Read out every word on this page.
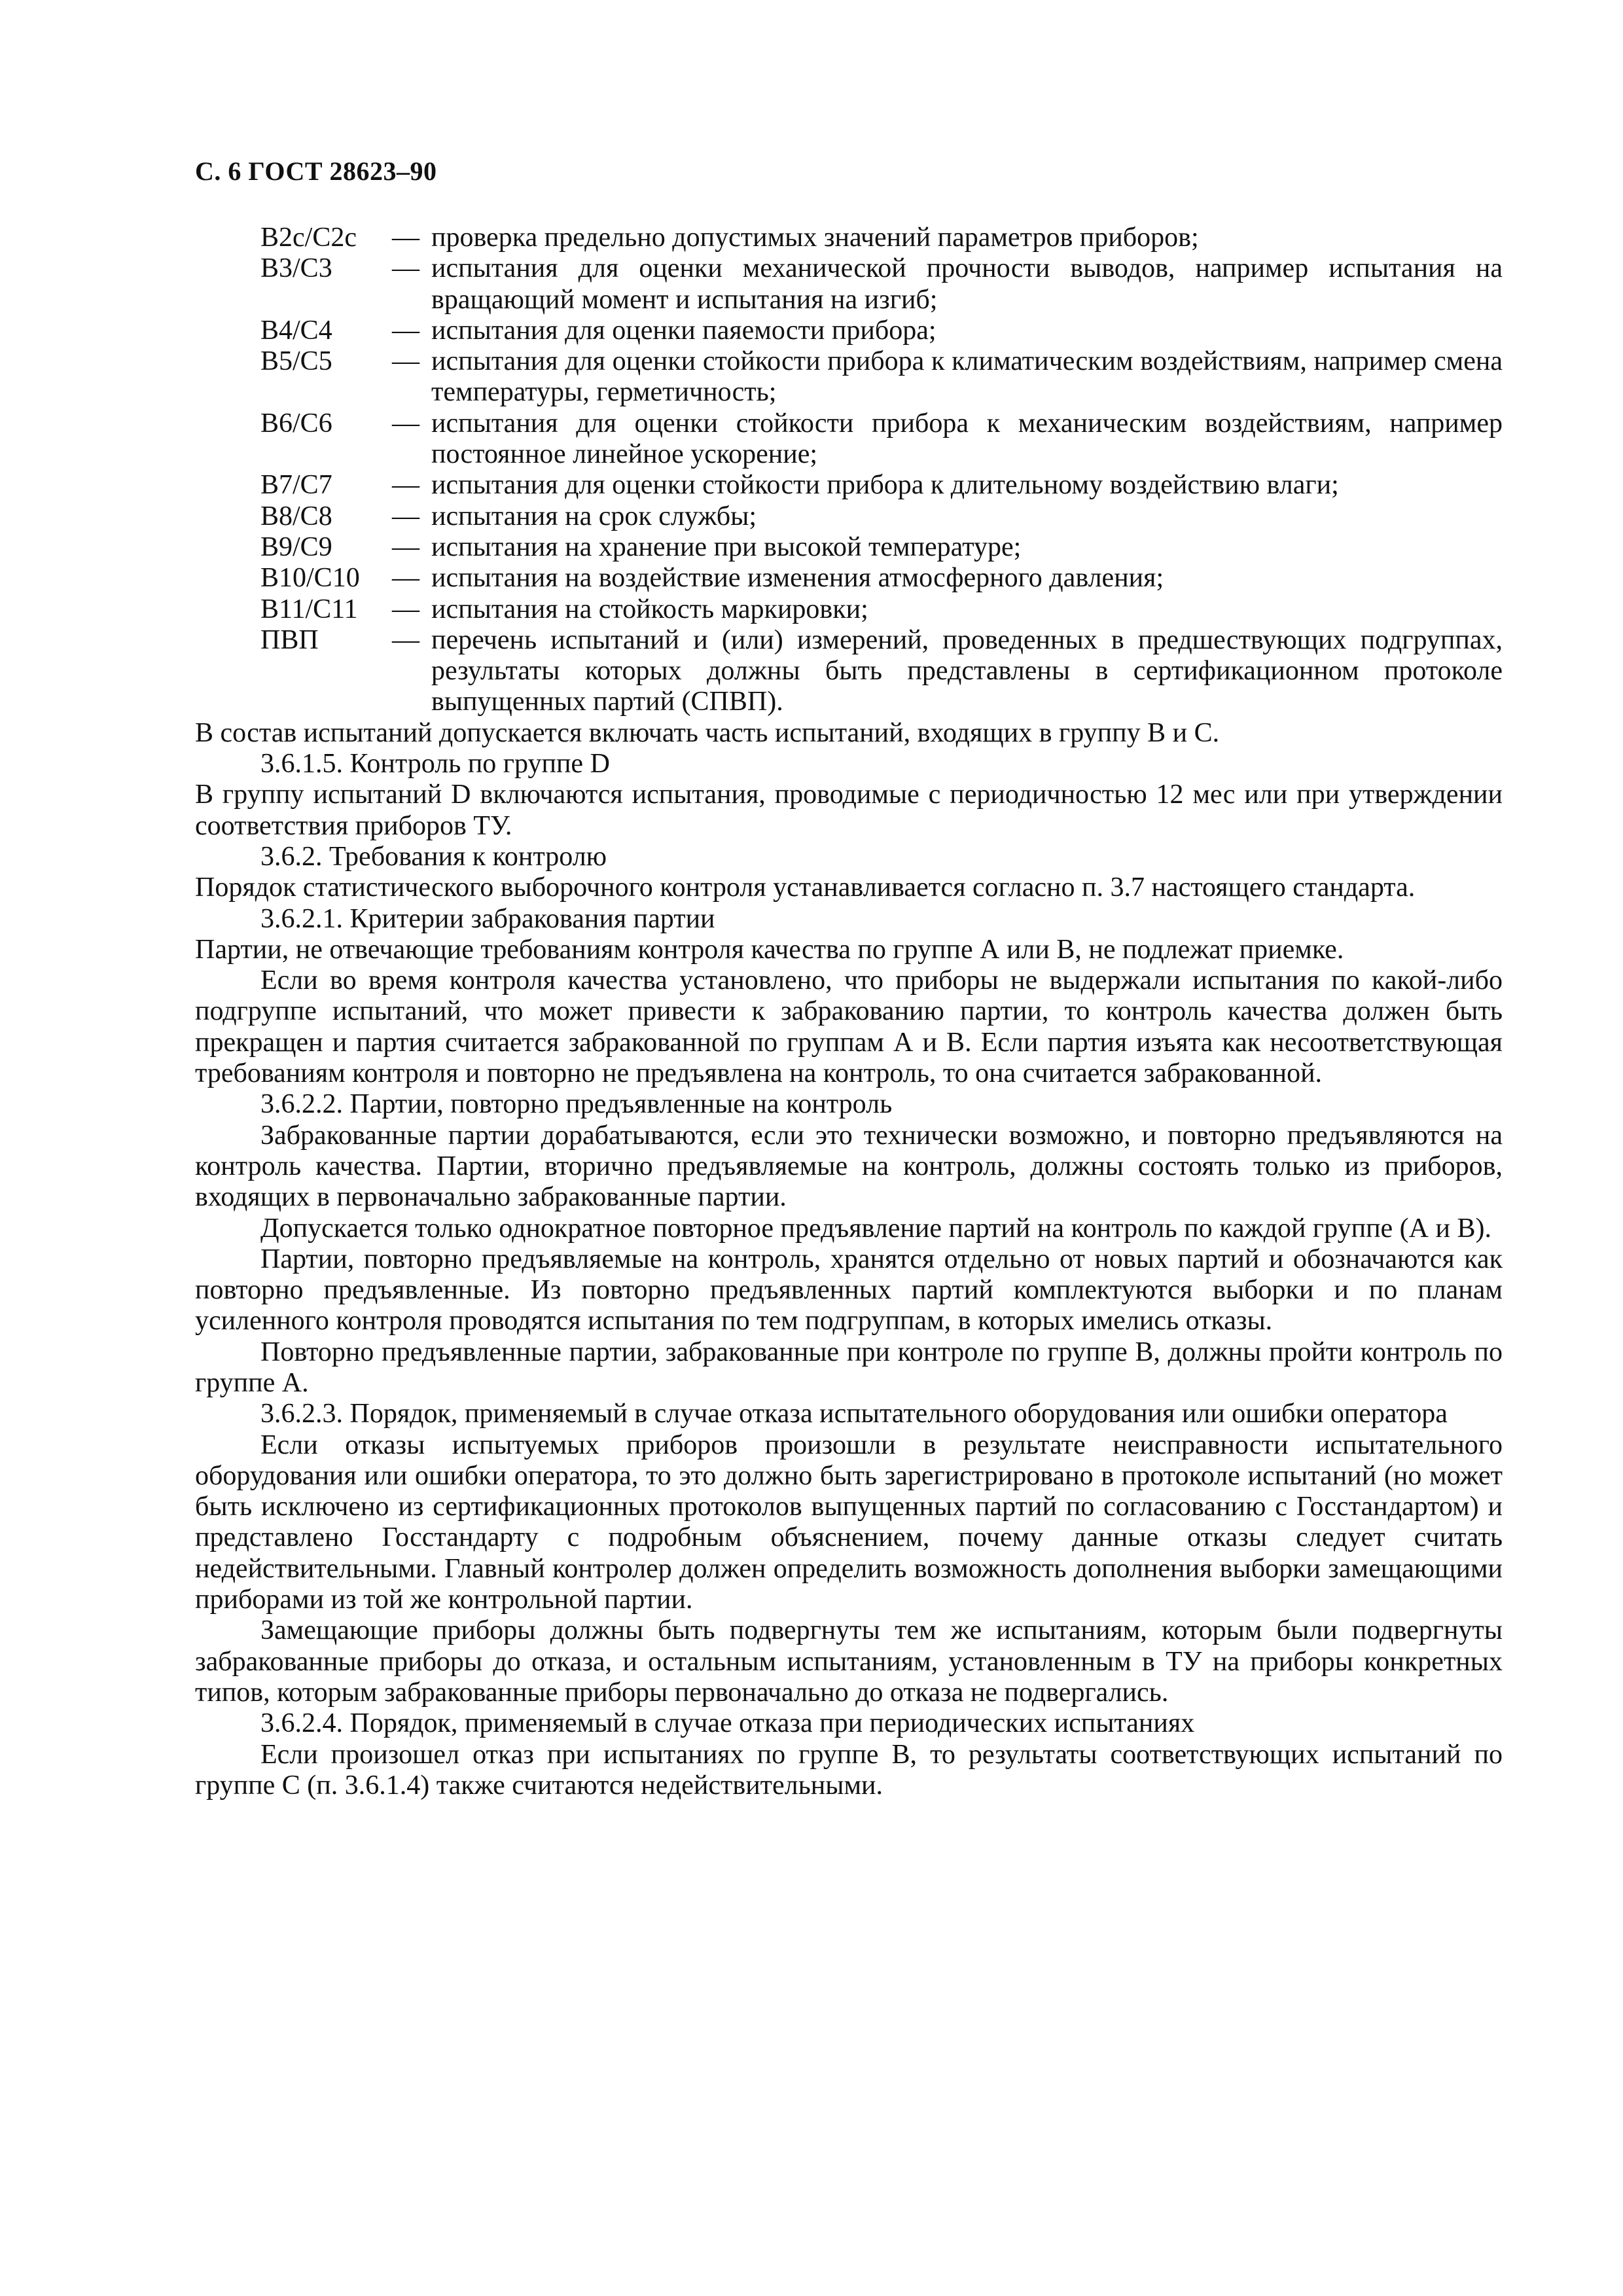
С. 6 ГОСТ 28623–90
B2c/C2c	— проверка предельно допустимых значений параметров приборов;
B3/C3	— испытания для оценки механической прочности выводов, например испытания на вращающий момент и испытания на изгиб;
B4/C4	— испытания для оценки паяемости прибора;
B5/C5	— испытания для оценки стойкости прибора к климатическим воздействиям, например смена температуры, герметичность;
B6/C6	— испытания для оценки стойкости прибора к механическим воздействиям, например постоянное линейное ускорение;
B7/C7	— испытания для оценки стойкости прибора к длительному воздействию влаги;
B8/C8	— испытания на срок службы;
B9/C9	— испытания на хранение при высокой температуре;
B10/C10	— испытания на воздействие изменения атмосферного давления;
B11/C11	— испытания на стойкость маркировки;
ПВП	— перечень испытаний и (или) измерений, проведенных в предшествующих подгруппах, результаты которых должны быть представлены в сертификационном протоколе выпущенных партий (СПВП).
В состав испытаний допускается включать часть испытаний, входящих в группу В и С.
3.6.1.5. Контроль по группе D
В группу испытаний D включаются испытания, проводимые с периодичностью 12 мес или при утверждении соответствия приборов ТУ.
3.6.2. Требования к контролю
Порядок статистического выборочного контроля устанавливается согласно п. 3.7 настоящего стандарта.
3.6.2.1. Критерии забракования партии
Партии, не отвечающие требованиям контроля качества по группе А или В, не подлежат приемке.
Если во время контроля качества установлено, что приборы не выдержали испытания по какой-либо подгруппе испытаний, что может привести к забракованию партии, то контроль качества должен быть прекращен и партия считается забракованной по группам А и В. Если партия изъята как несоответствующая требованиям контроля и повторно не предъявлена на контроль, то она считается забракованной.
3.6.2.2. Партии, повторно предъявленные на контроль
Забракованные партии дорабатываются, если это технически возможно, и повторно предъявляются на контроль качества. Партии, вторично предъявляемые на контроль, должны состоять только из приборов, входящих в первоначально забракованные партии.
Допускается только однократное повторное предъявление партий на контроль по каждой группе (А и В).
Партии, повторно предъявляемые на контроль, хранятся отдельно от новых партий и обозначаются как повторно предъявленные. Из повторно предъявленных партий комплектуются выборки и по планам усиленного контроля проводятся испытания по тем подгруппам, в которых имелись отказы.
Повторно предъявленные партии, забракованные при контроле по группе В, должны пройти контроль по группе А.
3.6.2.3. Порядок, применяемый в случае отказа испытательного оборудования или ошибки оператора
Если отказы испытуемых приборов произошли в результате неисправности испытательного оборудования или ошибки оператора, то это должно быть зарегистрировано в протоколе испытаний (но может быть исключено из сертификационных протоколов выпущенных партий по согласованию с Госстандартом) и представлено Госстандарту с подробным объяснением, почему данные отказы следует считать недействительными. Главный контролер должен определить возможность дополнения выборки замещающими приборами из той же контрольной партии.
Замещающие приборы должны быть подвергнуты тем же испытаниям, которым были подвергнуты забракованные приборы до отказа, и остальным испытаниям, установленным в ТУ на приборы конкретных типов, которым забракованные приборы первоначально до отказа не подвергались.
3.6.2.4. Порядок, применяемый в случае отказа при периодических испытаниях
Если произошел отказ при испытаниях по группе В, то результаты соответствующих испытаний по группе С (п. 3.6.1.4) также считаются недействительными.
